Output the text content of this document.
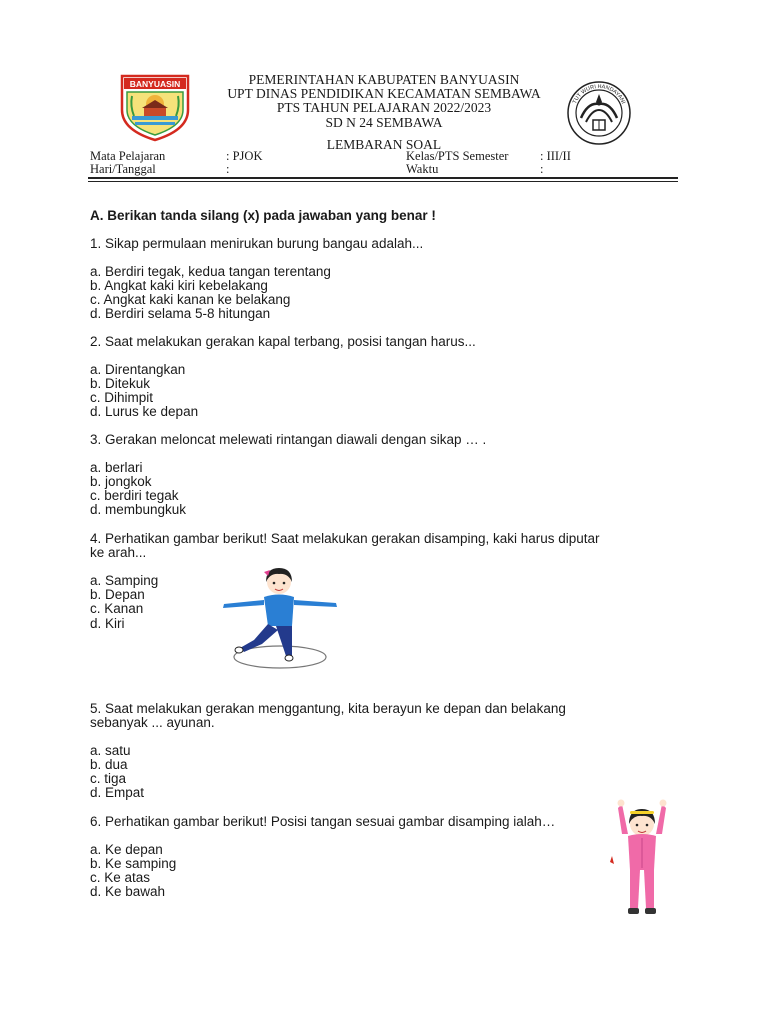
BANYUASIN
TUT WURI HANDAYANI
PEMERINTAHAN KABUPATEN BANYUASIN
UPT DINAS PENDIDIKAN KECAMATAN SEMBAWA
PTS TAHUN PELAJARAN 2022/2023
SD N 24 SEMBAWA
LEMBARAN SOAL
Mata Pelajaran	: PJOK	Kelas/PTS Semester	: III/II
Hari/Tanggal	:	Waktu	:
A. Berikan tanda silang (x) pada jawaban yang benar !
1. Sikap permulaan menirukan burung bangau adalah...
a. Berdiri tegak, kedua tangan terentang
b. Angkat kaki kiri kebelakang
c. Angkat kaki kanan ke belakang
d. Berdiri selama 5-8 hitungan
2. Saat melakukan gerakan kapal terbang, posisi tangan harus...
a. Direntangkan
b. Ditekuk
c. Dihimpit
d. Lurus ke depan
3. Gerakan meloncat melewati rintangan diawali dengan sikap … .
a. berlari
b. jongkok
c. berdiri tegak
d. membungkuk
4. Perhatikan gambar berikut! Saat melakukan gerakan disamping, kaki harus diputar
ke arah...
a. Samping
b. Depan
c. Kanan
d. Kiri
5. Saat melakukan gerakan menggantung, kita berayun ke depan dan belakang
sebanyak ... ayunan.
a. satu
b. dua
c. tiga
d. Empat
6. Perhatikan gambar berikut! Posisi tangan sesuai gambar disamping ialah…
a. Ke depan
b. Ke samping
c. Ke atas
d. Ke bawah
